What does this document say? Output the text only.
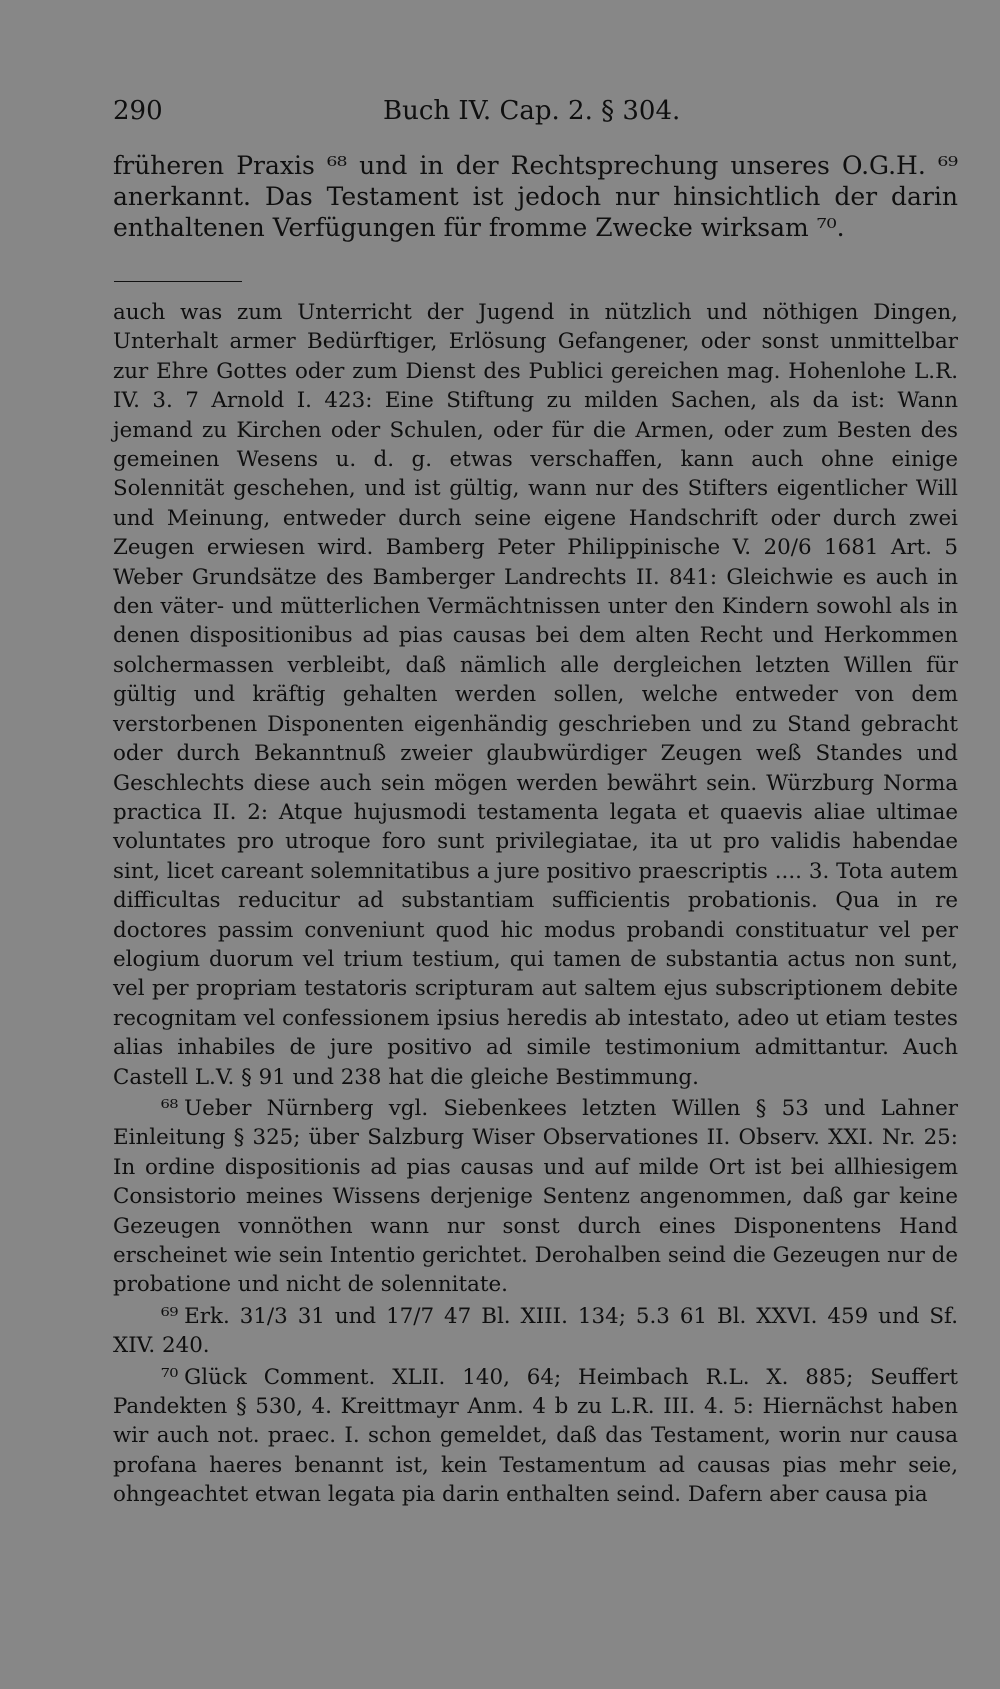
290	Buch IV. Cap. 2. § 304.

früheren Praxis ⁶⁸ und in der Rechtsprechung unseres O.G.H. ⁶⁹ anerkannt. Das Testament ist jedoch nur hinsichtlich der darin enthaltenen Verfügungen für fromme Zwecke wirksam ⁷⁰.

auch was zum Unterricht der Jugend in nützlich und nöthigen Dingen, Unterhalt armer Bedürftiger, Erlösung Gefangener, oder sonst unmittelbar zur Ehre Gottes oder zum Dienst des Publici gereichen mag. Hohenlohe L.R. IV. 3. 7 Arnold I. 423: Eine Stiftung zu milden Sachen, als da ist: Wann jemand zu Kirchen oder Schulen, oder für die Armen, oder zum Besten des gemeinen Wesens u. d. g. etwas verschaffen, kann auch ohne einige Solennität geschehen, und ist gültig, wann nur des Stifters eigentlicher Will und Meinung, entweder durch seine eigene Handschrift oder durch zwei Zeugen erwiesen wird. Bamberg Peter Philippinische V. 20/6 1681 Art. 5 Weber Grundsätze des Bamberger Landrechts II. 841: Gleichwie es auch in den väter- und mütterlichen Vermächtnissen unter den Kindern sowohl als in denen dispositionibus ad pias causas bei dem alten Recht und Herkommen solchermassen verbleibt, daß nämlich alle dergleichen letzten Willen für gültig und kräftig gehalten werden sollen, welche entweder von dem verstorbenen Disponenten eigenhändig geschrieben und zu Stand gebracht oder durch Bekanntnuß zweier glaubwürdiger Zeugen weß Standes und Geschlechts diese auch sein mögen werden bewährt sein. Würzburg Norma practica II. 2: Atque hujusmodi testamenta legata et quaevis aliae ultimae voluntates pro utroque foro sunt privilegiatae, ita ut pro validis habendae sint, licet careant solemnitatibus a jure positivo praescriptis .... 3. Tota autem difficultas reducitur ad substantiam sufficientis probationis. Qua in re doctores passim conveniunt quod hic modus probandi constituatur vel per elogium duorum vel trium testium, qui tamen de substantia actus non sunt, vel per propriam testatoris scripturam aut saltem ejus subscriptionem debite recognitam vel confessionem ipsius heredis ab intestato, adeo ut etiam testes alias inhabiles de jure positivo ad simile testimonium admittantur. Auch Castell L.V. § 91 und 238 hat die gleiche Bestimmung.

⁶⁸ Ueber Nürnberg vgl. Siebenkees letzten Willen § 53 und Lahner Einleitung § 325; über Salzburg Wiser Observationes II. Observ. XXI. Nr. 25: In ordine dispositionis ad pias causas und auf milde Ort ist bei allhiesigem Consistorio meines Wissens derjenige Sentenz angenommen, daß gar keine Gezeugen vonnöthen wann nur sonst durch eines Disponentens Hand erscheinet wie sein Intentio gerichtet. Derohalben seind die Gezeugen nur de probatione und nicht de solennitate.

⁶⁹ Erk. 31/3 31 und 17/7 47 Bl. XIII. 134; 5.3 61 Bl. XXVI. 459 und Sf. XIV. 240.

⁷⁰ Glück Comment. XLII. 140, 64; Heimbach R.L. X. 885; Seuffert Pandekten § 530, 4. Kreittmayr Anm. 4 b zu L.R. III. 4. 5: Hiernächst haben wir auch not. praec. I. schon gemeldet, daß das Testament, worin nur causa profana haeres benannt ist, kein Testamentum ad causas pias mehr seie, ohngeachtet etwan legata pia darin enthalten seind. Dafern aber causa pia
